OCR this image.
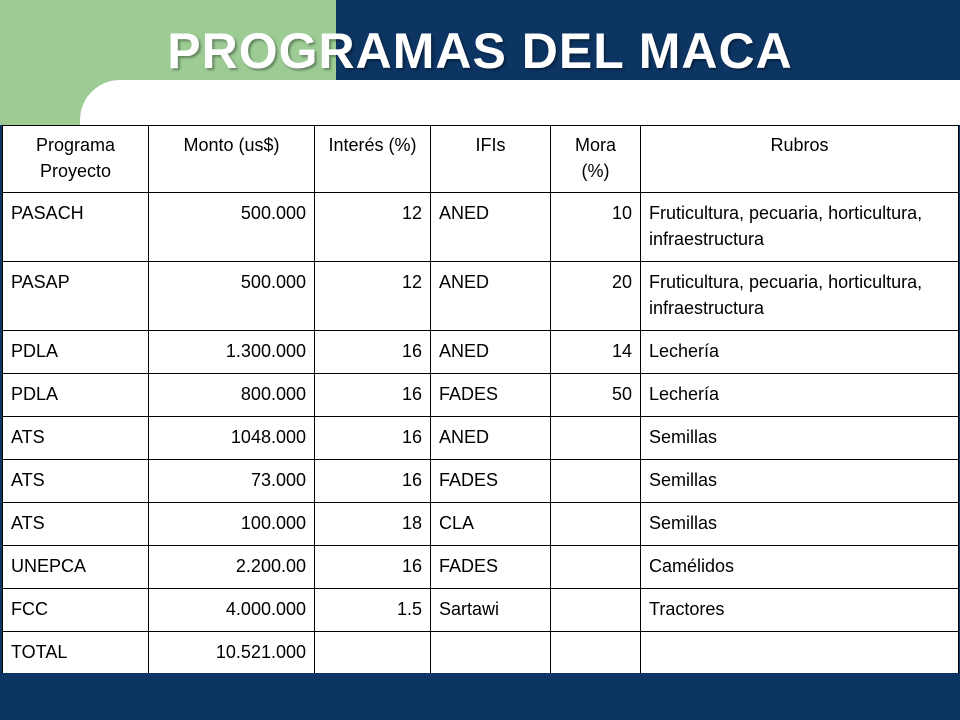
PROGRAMAS DEL MACA
Programa Proyecto	Monto (us$)	Interés (%)	IFIs	Mora (%)	Rubros
PASACH	500.000	12	ANED	10	Fruticultura, pecuaria, horticultura, infraestructura
PASAP	500.000	12	ANED	20	Fruticultura, pecuaria, horticultura, infraestructura
PDLA	1.300.000	16	ANED	14	Lechería
PDLA	800.000	16	FADES	50	Lechería
ATS	1048.000	16	ANED		Semillas
ATS	73.000	16	FADES		Semillas
ATS	100.000	18	CLA		Semillas
UNEPCA	2.200.00	16	FADES		Camélidos
FCC	4.000.000	1.5	Sartawi		Tractores
TOTAL	10.521.000				
